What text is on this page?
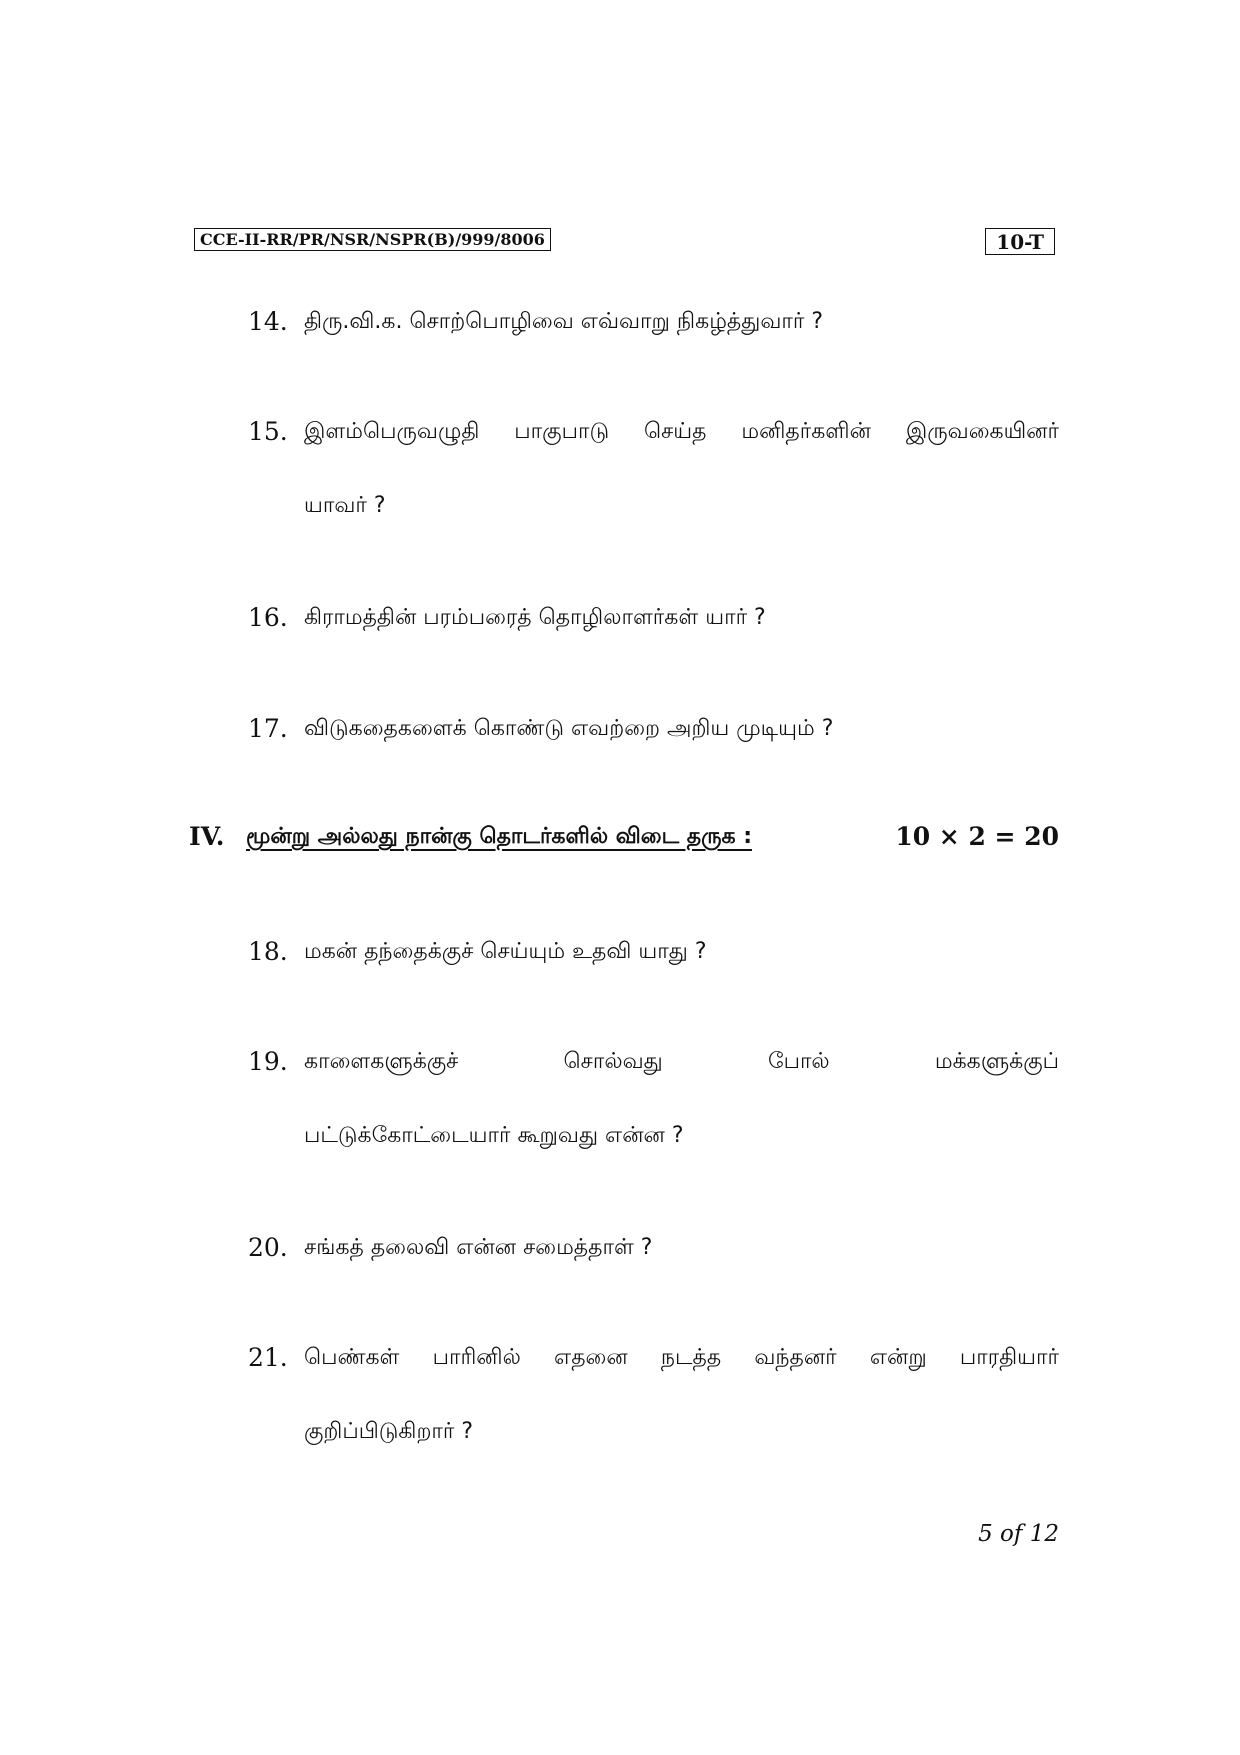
CCE-II-RR/PR/NSR/NSPR(B)/999/8006	10-T
14. திரு.வி.க. சொற்பொழிவை எவ்வாறு நிகழ்த்துவார் ?
15. இளம்பெருவழுதி பாகுபாடு செய்த மனிதர்களின் இருவகையினர்
யாவர் ?
16. கிராமத்தின் பரம்பரைத் தொழிலாளர்கள் யார் ?
17. விடுகதைகளைக் கொண்டு எவற்றை அறிய முடியும் ?
IV. மூன்று அல்லது நான்கு தொடர்களில் விடை தருக :	10 × 2 = 20
18. மகன் தந்தைக்குச் செய்யும் உதவி யாது ?
19. காளைகளுக்குச் சொல்வது போல் மக்களுக்குப்
பட்டுக்கோட்டையார் கூறுவது என்ன ?
20. சங்கத் தலைவி என்ன சமைத்தாள் ?
21. பெண்கள் பாரினில் எதனை நடத்த வந்தனர் என்று பாரதியார்
குறிப்பிடுகிறார் ?
5 of 12
